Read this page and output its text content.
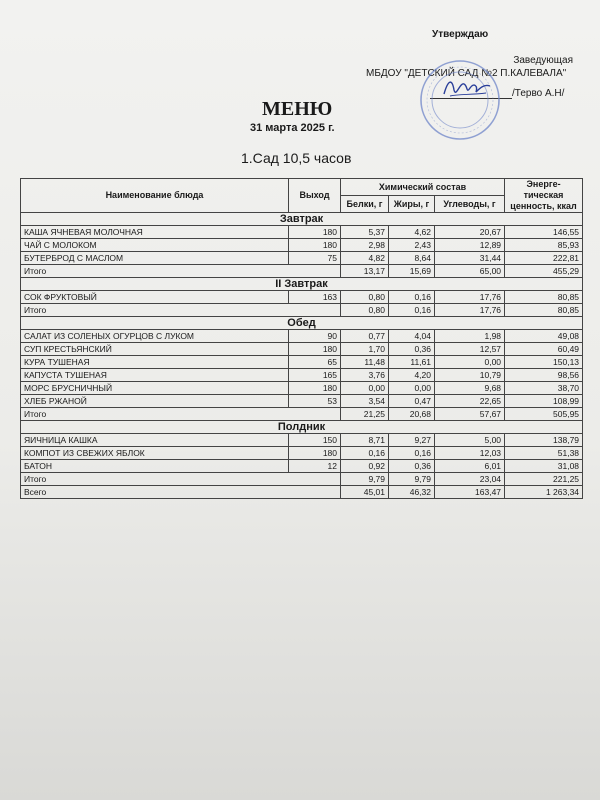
Утверждаю
Заведующая
МБДОУ "ДЕТСКИЙ САД №2 П.КАЛЕВАЛА"
/Терво А.Н/
МЕНЮ
31 марта 2025 г.
1.Сад 10,5 часов
Наименование блюда	Выход	Химический состав			Энерге-тическая ценность, ккал
		Белки, г	Жиры, г	Углеводы, г	
Завтрак					
КАША ЯЧНЕВАЯ МОЛОЧНАЯ	180	5,37	4,62	20,67	146,55
ЧАЙ С МОЛОКОМ	180	2,98	2,43	12,89	85,93
БУТЕРБРОД С МАСЛОМ	75	4,82	8,64	31,44	222,81
Итого		13,17	15,69	65,00	455,29
II Завтрак					
СОК ФРУКТОВЫЙ	163	0,80	0,16	17,76	80,85
Итого		0,80	0,16	17,76	80,85
Обед					
САЛАТ ИЗ СОЛЕНЫХ ОГУРЦОВ С ЛУКОМ	90	0,77	4,04	1,98	49,08
СУП КРЕСТЬЯНСКИЙ	180	1,70	0,36	12,57	60,49
КУРА ТУШЕНАЯ	65	11,48	11,61	0,00	150,13
КАПУСТА ТУШЕНАЯ	165	3,76	4,20	10,79	98,56
МОРС БРУСНИЧНЫЙ	180	0,00	0,00	9,68	38,70
ХЛЕБ РЖАНОЙ	53	3,54	0,47	22,65	108,99
Итого		21,25	20,68	57,67	505,95
Полдник					
ЯИЧНИЦА КАШКА	150	8,71	9,27	5,00	138,79
КОМПОТ ИЗ СВЕЖИХ ЯБЛОК	180	0,16	0,16	12,03	51,38
БАТОН	12	0,92	0,36	6,01	31,08
Итого		9,79	9,79	23,04	221,25
Всего		45,01	46,32	163,47	1 263,34
